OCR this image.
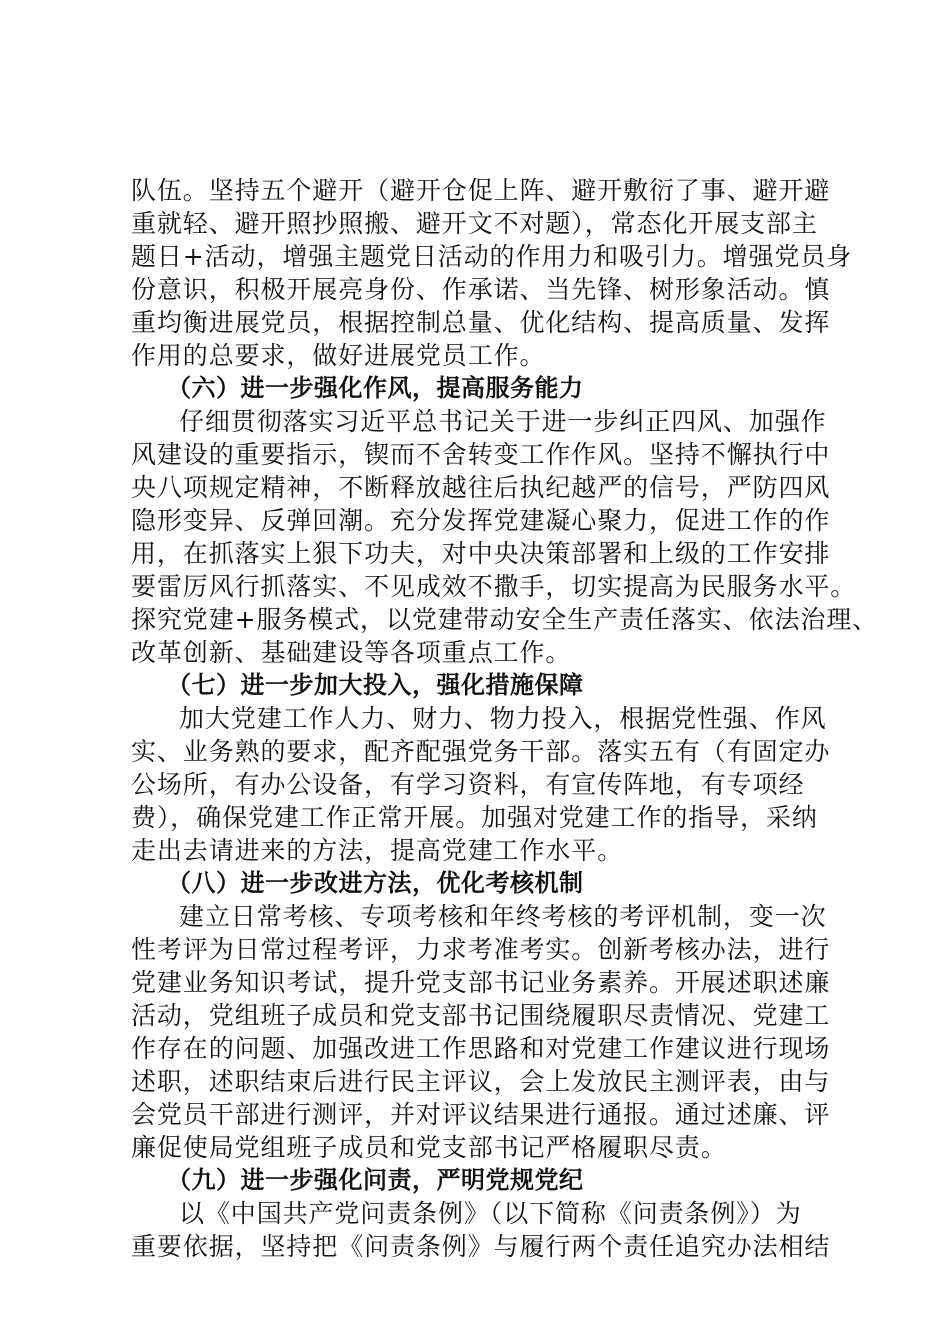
队伍。坚持五个避开（避开仓促上阵、避开敷衍了事、避开避
重就轻、避开照抄照搬、避开文不对题），常态化开展支部主
题日+活动，增强主题党日活动的作用力和吸引力。增强党员身
份意识，积极开展亮身份、作承诺、当先锋、树形象活动。慎
重均衡进展党员，根据控制总量、优化结构、提高质量、发挥
作用的总要求，做好进展党员工作。
（六）进一步强化作风，提高服务能力
仔细贯彻落实习近平总书记关于进一步纠正四风、加强作
风建设的重要指示，锲而不舍转变工作作风。坚持不懈执行中
央八项规定精神，不断释放越往后执纪越严的信号，严防四风
隐形变异、反弹回潮。充分发挥党建凝心聚力，促进工作的作
用，在抓落实上狠下功夫，对中央决策部署和上级的工作安排
要雷厉风行抓落实、不见成效不撒手，切实提高为民服务水平。
探究党建+服务模式，以党建带动安全生产责任落实、依法治理、
改革创新、基础建设等各项重点工作。
（七）进一步加大投入，强化措施保障
加大党建工作人力、财力、物力投入，根据党性强、作风
实、业务熟的要求，配齐配强党务干部。落实五有（有固定办
公场所，有办公设备，有学习资料，有宣传阵地，有专项经
费），确保党建工作正常开展。加强对党建工作的指导，采纳
走出去请进来的方法，提高党建工作水平。
（八）进一步改进方法，优化考核机制
建立日常考核、专项考核和年终考核的考评机制，变一次
性考评为日常过程考评，力求考准考实。创新考核办法，进行
党建业务知识考试，提升党支部书记业务素养。开展述职述廉
活动，党组班子成员和党支部书记围绕履职尽责情况、党建工
作存在的问题、加强改进工作思路和对党建工作建议进行现场
述职，述职结束后进行民主评议，会上发放民主测评表，由与
会党员干部进行测评，并对评议结果进行通报。通过述廉、评
廉促使局党组班子成员和党支部书记严格履职尽责。
（九）进一步强化问责，严明党规党纪
以《中国共产党问责条例》（以下简称《问责条例》）为
重要依据，坚持把《问责条例》与履行两个责任追究办法相结
